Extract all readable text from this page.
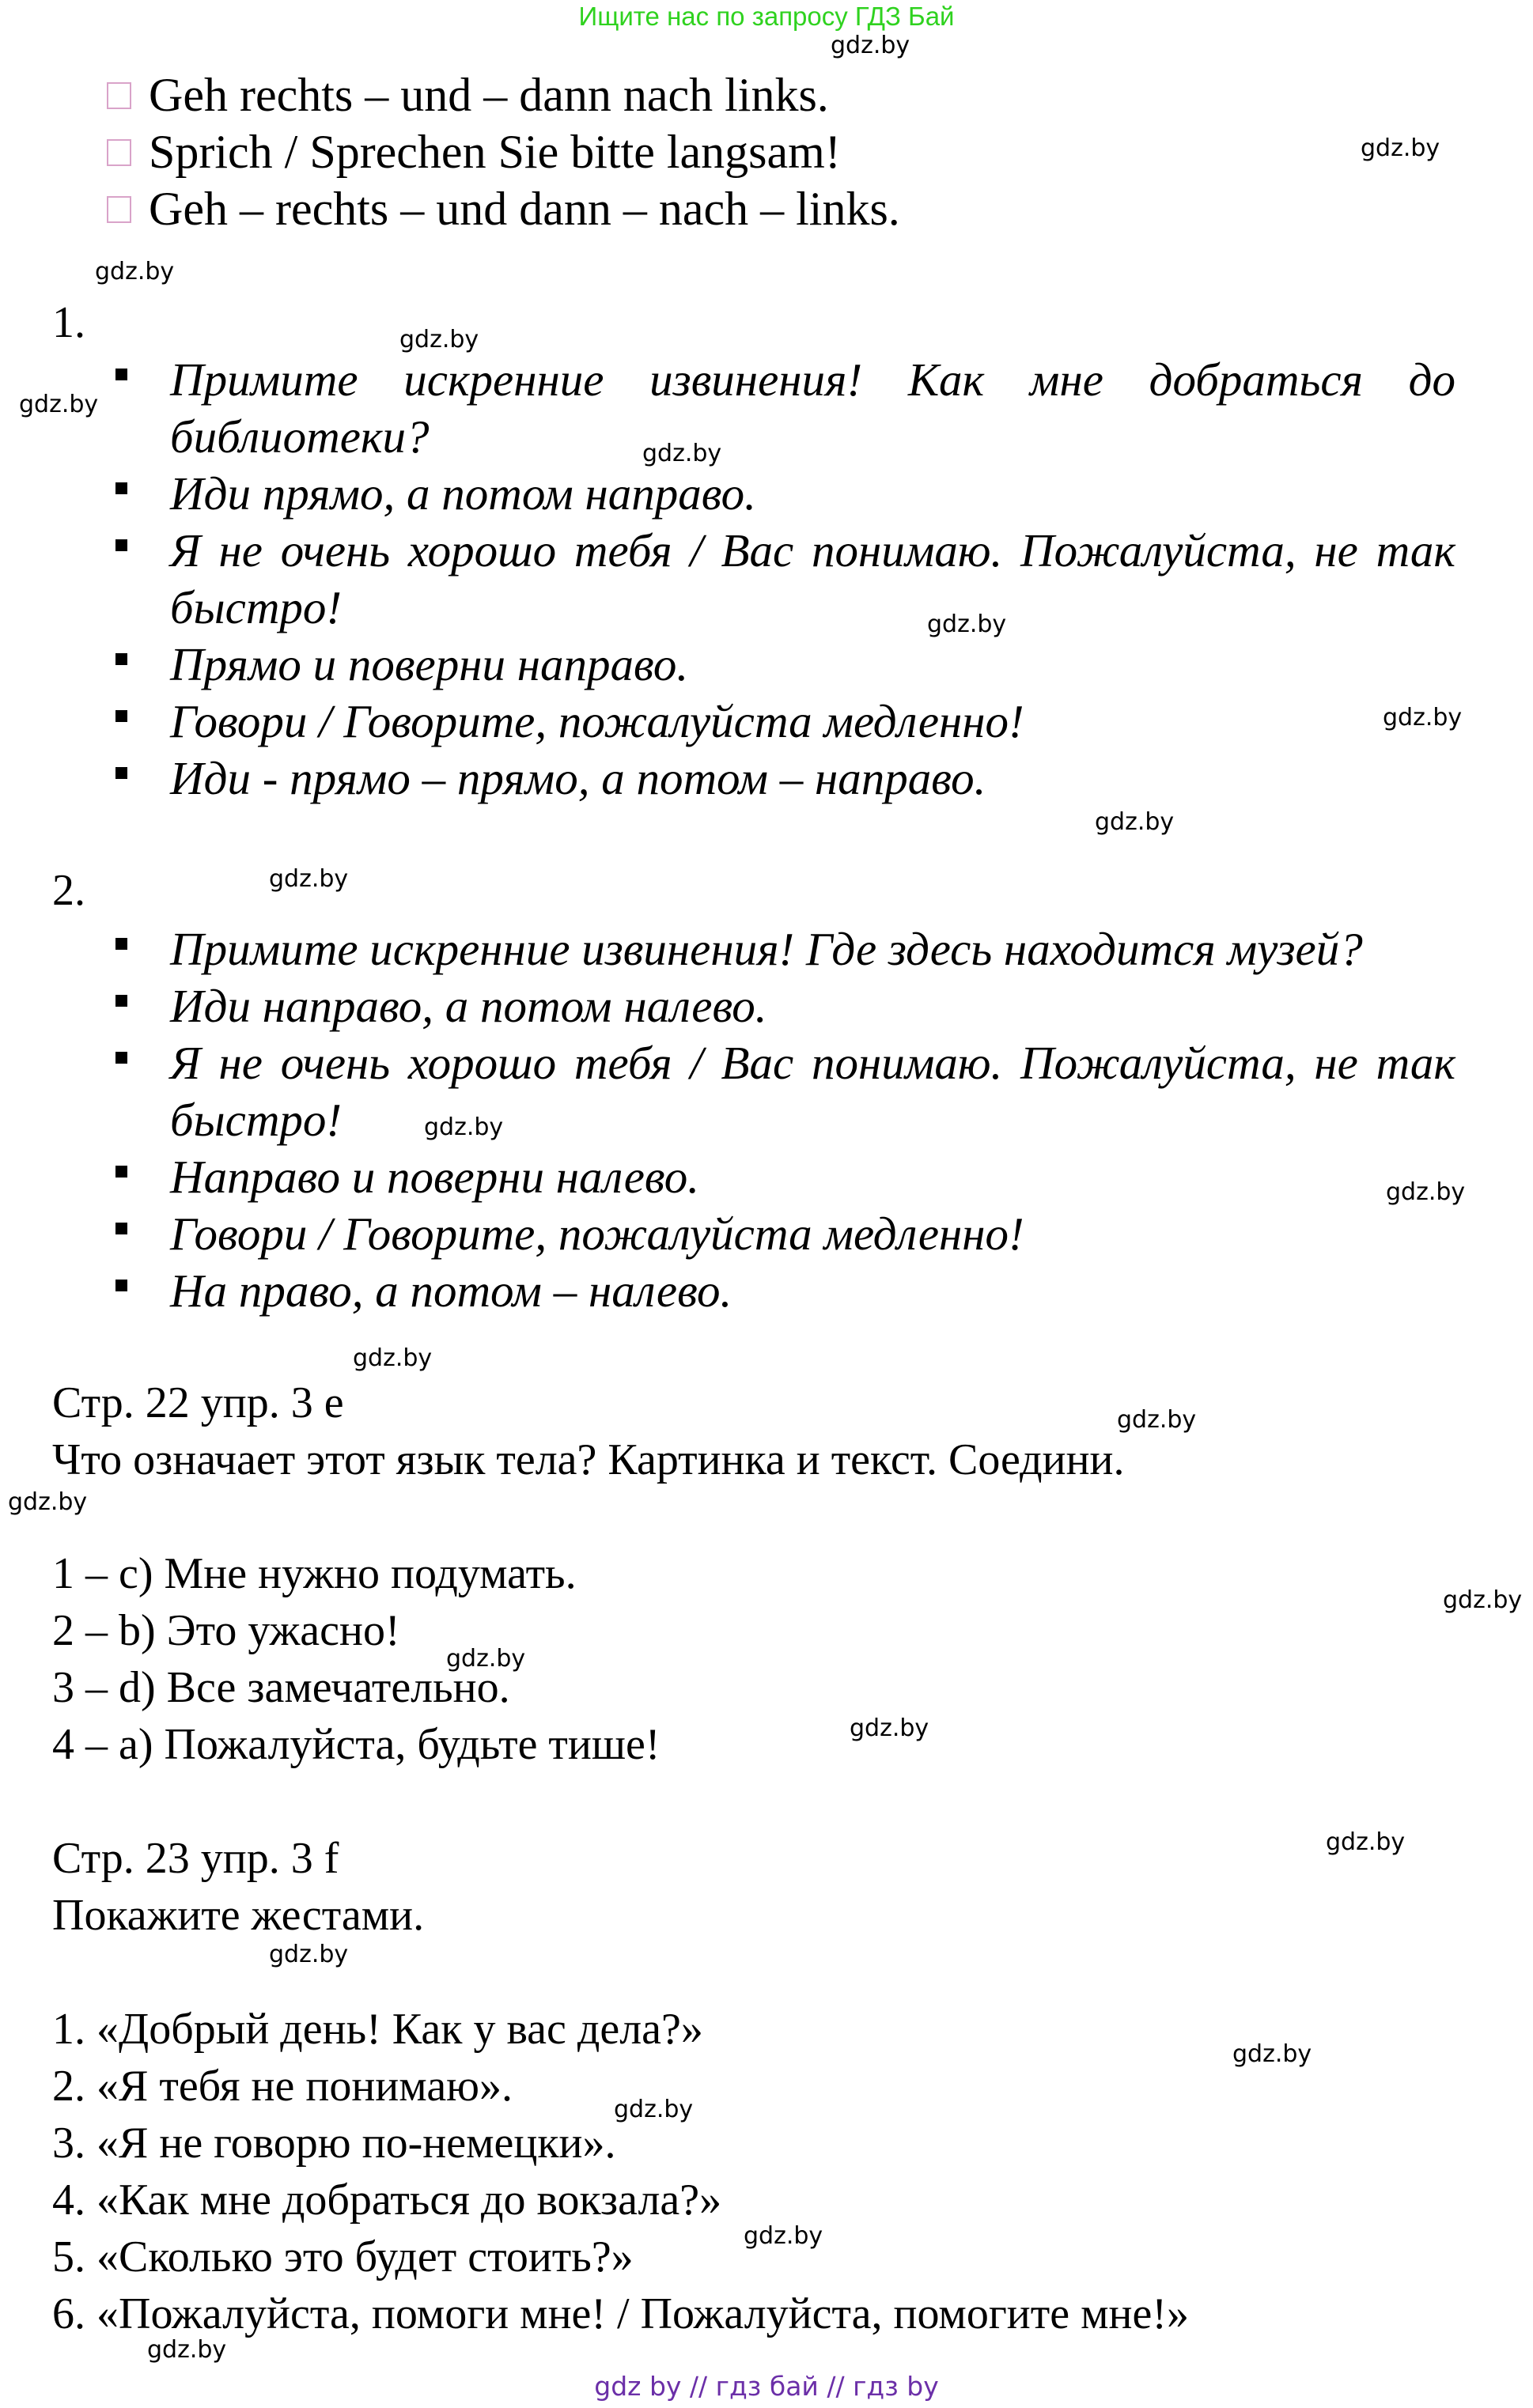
Ищите нас по запросу ГДЗ Бай
gdz.by
gdz.by
gdz.by
gdz.by
gdz.by
gdz.by
gdz.by
gdz.by
gdz.by
gdz.by
gdz.by
gdz.by
gdz.by
gdz.by
gdz.by
gdz.by
gdz.by
gdz.by
gdz.by
gdz.by
gdz.by
gdz.by
gdz.by
gdz.by
Geh rechts – und – dann nach links.
Sprich / Sprechen Sie bitte langsam!
Geh – rechts – und dann – nach – links.
1.
Примите искренние извинения! Как мне добраться до
библиотеки?
Иди прямо, а потом направо.
Я не очень хорошо тебя / Вас понимаю. Пожалуйста, не так
быстро!
Прямо и поверни направо.
Говори / Говорите, пожалуйста медленно!
Иди - прямо – прямо, а потом – направо.
2.
Примите искренние извинения! Где здесь находится музей?
Иди направо, а потом налево.
Я не очень хорошо тебя / Вас понимаю. Пожалуйста, не так
быстро!
Направо и поверни налево.
Говори / Говорите, пожалуйста медленно!
На право, а потом – налево.
Стр. 22 упр. 3 е
Что означает этот язык тела? Картинка и текст. Соедини.
1 – c) Мне нужно подумать.
2 – b) Это ужасно!
3 – d) Все замечательно.
4 – a) Пожалуйста, будьте тише!
Стр. 23 упр. 3 f
Покажите жестами.
1. «Добрый день! Как у вас дела?»
2. «Я тебя не понимаю».
3. «Я не говорю по-немецки».
4. «Как мне добраться до вокзала?»
5. «Сколько это будет стоить?»
6. «Пожалуйста, помоги мне! / Пожалуйста, помогите мне!»
gdz by // гдз бай // гдз by
